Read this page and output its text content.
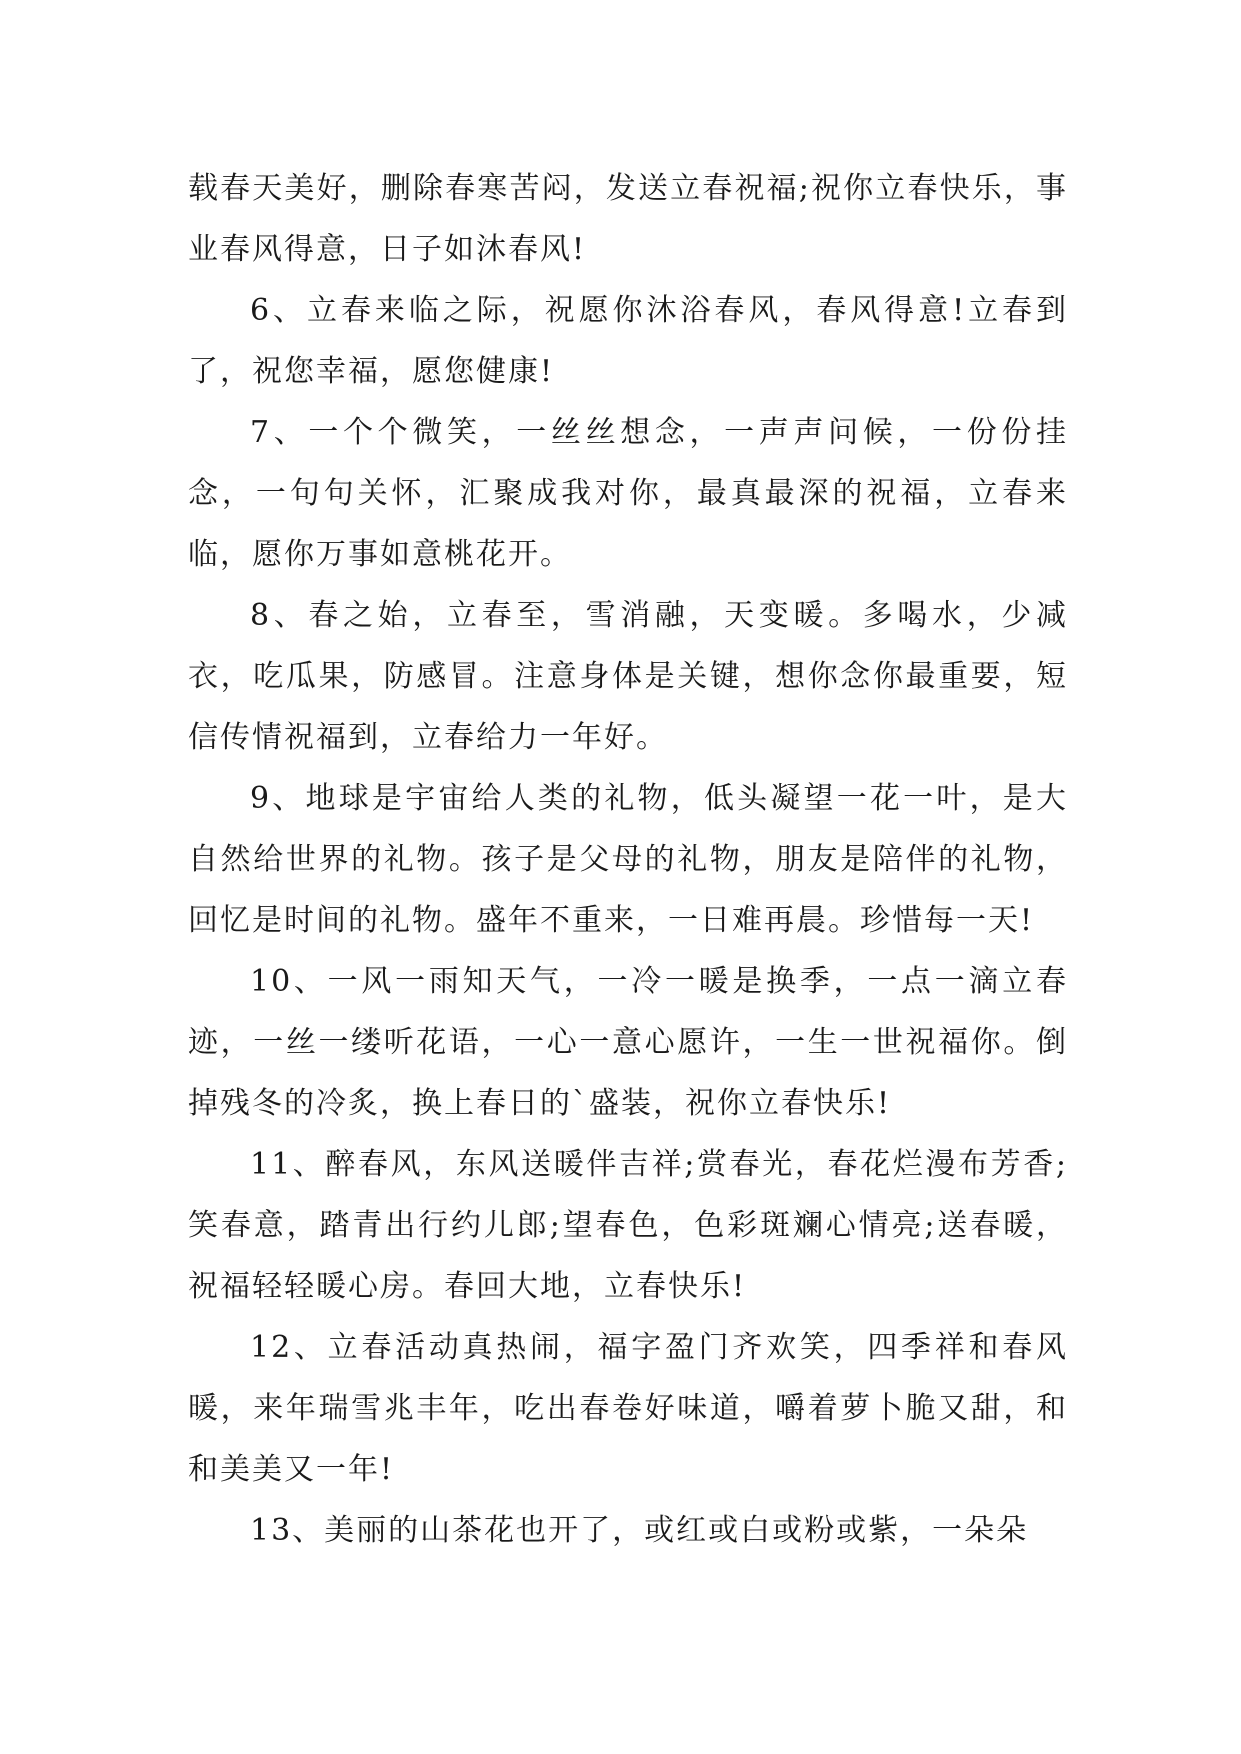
载春天美好，删除春寒苦闷，发送立春祝福;祝你立春快乐，事业春风得意，日子如沐春风!

6、立春来临之际，祝愿你沐浴春风，春风得意!立春到了，祝您幸福，愿您健康!

7、一个个微笑，一丝丝想念，一声声问候，一份份挂念，一句句关怀，汇聚成我对你，最真最深的祝福，立春来临，愿你万事如意桃花开。

8、春之始，立春至，雪消融，天变暖。多喝水，少减衣，吃瓜果，防感冒。注意身体是关键，想你念你最重要，短信传情祝福到，立春给力一年好。

9、地球是宇宙给人类的礼物，低头凝望一花一叶，是大自然给世界的礼物。孩子是父母的礼物，朋友是陪伴的礼物，回忆是时间的礼物。盛年不重来，一日难再晨。珍惜每一天!

10、一风一雨知天气，一冷一暖是换季，一点一滴立春迹，一丝一缕听花语，一心一意心愿许，一生一世祝福你。倒掉残冬的冷炙，换上春日的`盛装，祝你立春快乐!

11、醉春风，东风送暖伴吉祥;赏春光，春花烂漫布芳香;笑春意，踏青出行约儿郎;望春色，色彩斑斓心情亮;送春暖，祝福轻轻暖心房。春回大地，立春快乐!

12、立春活动真热闹，福字盈门齐欢笑，四季祥和春风暖，来年瑞雪兆丰年，吃出春卷好味道，嚼着萝卜脆又甜，和和美美又一年!

13、美丽的山茶花也开了，或红或白或粉或紫，一朵朵
